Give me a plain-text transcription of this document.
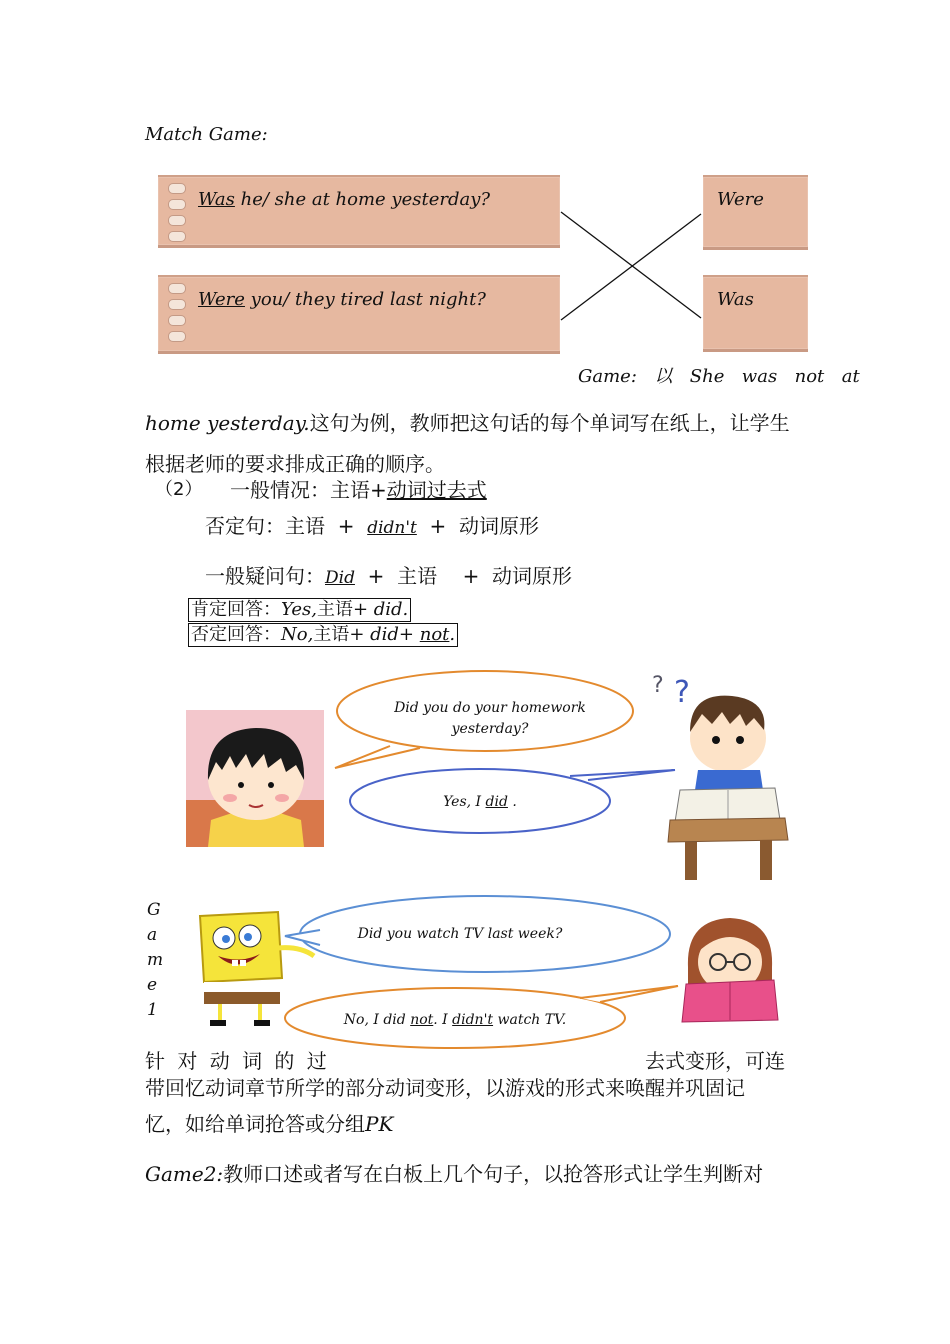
Match Game:
Was he/ she at home yesterday?
Were you/ they tired last night?
Were
Was
Game:  以  She  was  not  at
home yesterday.这句为例，教师把这句话的每个单词写在纸上，让学生
根据老师的要求排成正确的顺序。
（2） 一般情况：主语+动词过去式
否定句：主语  +  didn't  +  动词原形
一般疑问句：Did  +  主语    +  动词原形
肯定回答：Yes,主语+ did.
否定回答：No,主语+ did+ not.
Did you do your homework yesterday?
Yes, I did .
? ?
G
a
m
e
1
Did you watch TV last week?
No, I did not. I didn't watch TV.
针 对 动 词 的 过	去式变形，可连
带回忆动词章节所学的部分动词变形，以游戏的形式来唤醒并巩固记
忆，如给单词抢答或分组PK
Game2:教师口述或者写在白板上几个句子，以抢答形式让学生判断对
